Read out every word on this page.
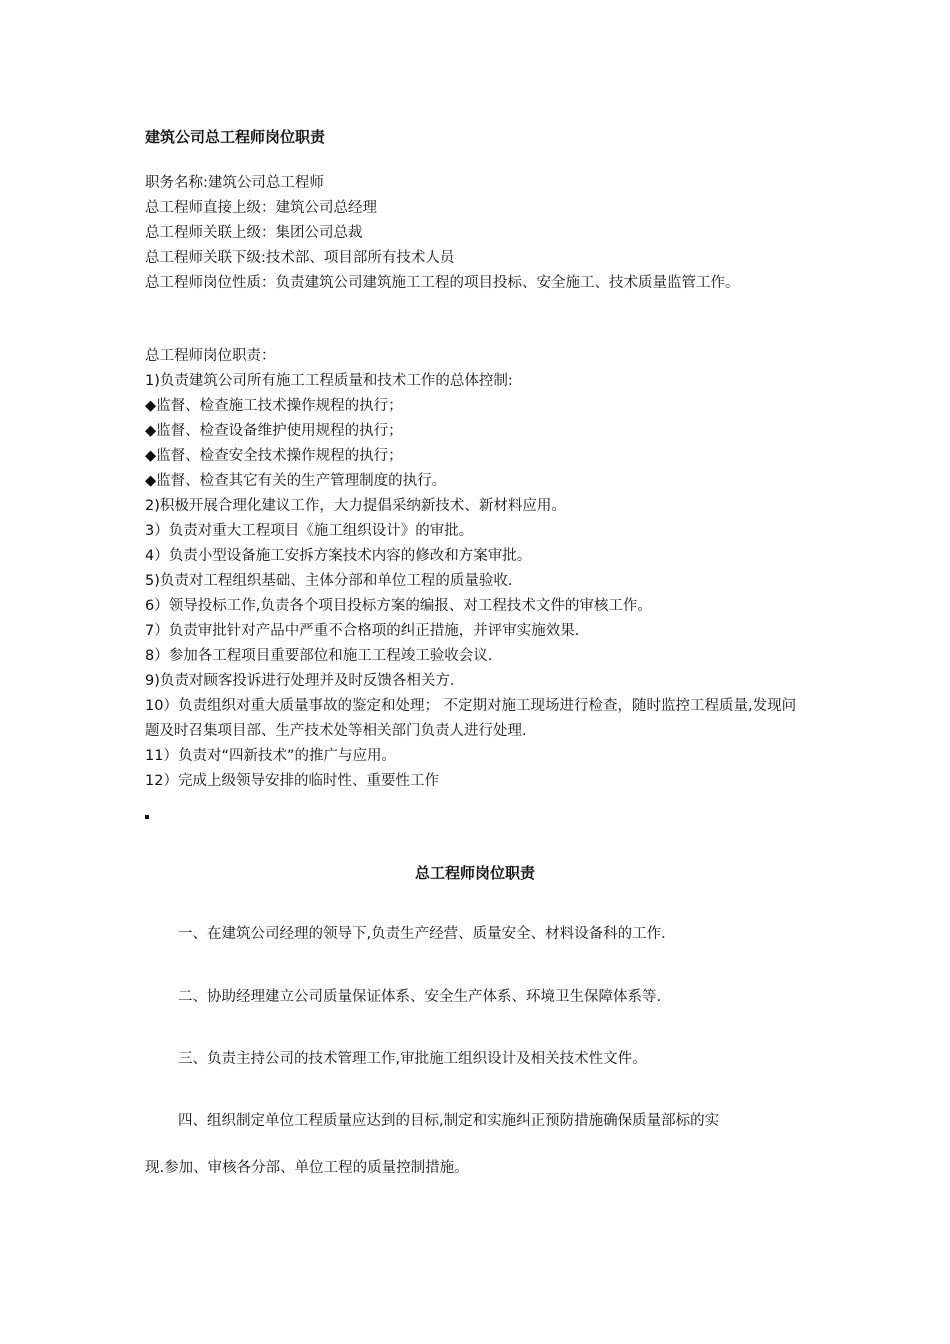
建筑公司总工程师岗位职责
职务名称:建筑公司总工程师
总工程师直接上级：建筑公司总经理
总工程师关联上级：集团公司总裁
总工程师关联下级:技术部、项目部所有技术人员
总工程师岗位性质：负责建筑公司建筑施工工程的项目投标、安全施工、技术质量监管工作。
总工程师岗位职责：
1)负责建筑公司所有施工工程质量和技术工作的总体控制:
◆监督、检查施工技术操作规程的执行；
◆监督、检查设备维护使用规程的执行；
◆监督、检查安全技术操作规程的执行；
◆监督、检查其它有关的生产管理制度的执行。
2)积极开展合理化建议工作，大力提倡采纳新技术、新材料应用。
3）负责对重大工程项目《施工组织设计》的审批。
4）负责小型设备施工安拆方案技术内容的修改和方案审批。
5)负责对工程组织基础、主体分部和单位工程的质量验收.
6）领导投标工作,负责各个项目投标方案的编报、对工程技术文件的审核工作。
7）负责审批针对产品中严重不合格项的纠正措施，并评审实施效果.
8）参加各工程项目重要部位和施工工程竣工验收会议.
9)负责对顾客投诉进行处理并及时反馈各相关方.
10）负责组织对重大质量事故的鉴定和处理； 不定期对施工现场进行检查，随时监控工程质量,发现问题及时召集项目部、生产技术处等相关部门负责人进行处理.
11）负责对“四新技术”的推广与应用。
12）完成上级领导安排的临时性、重要性工作
总工程师岗位职责
一、在建筑公司经理的领导下,负责生产经营、质量安全、材料设备科的工作.
二、协助经理建立公司质量保证体系、安全生产体系、环境卫生保障体系等.
三、负责主持公司的技术管理工作,审批施工组织设计及相关技术性文件。
四、组织制定单位工程质量应达到的目标,制定和实施纠正预防措施确保质量部标的实
现.参加、审核各分部、单位工程的质量控制措施。
